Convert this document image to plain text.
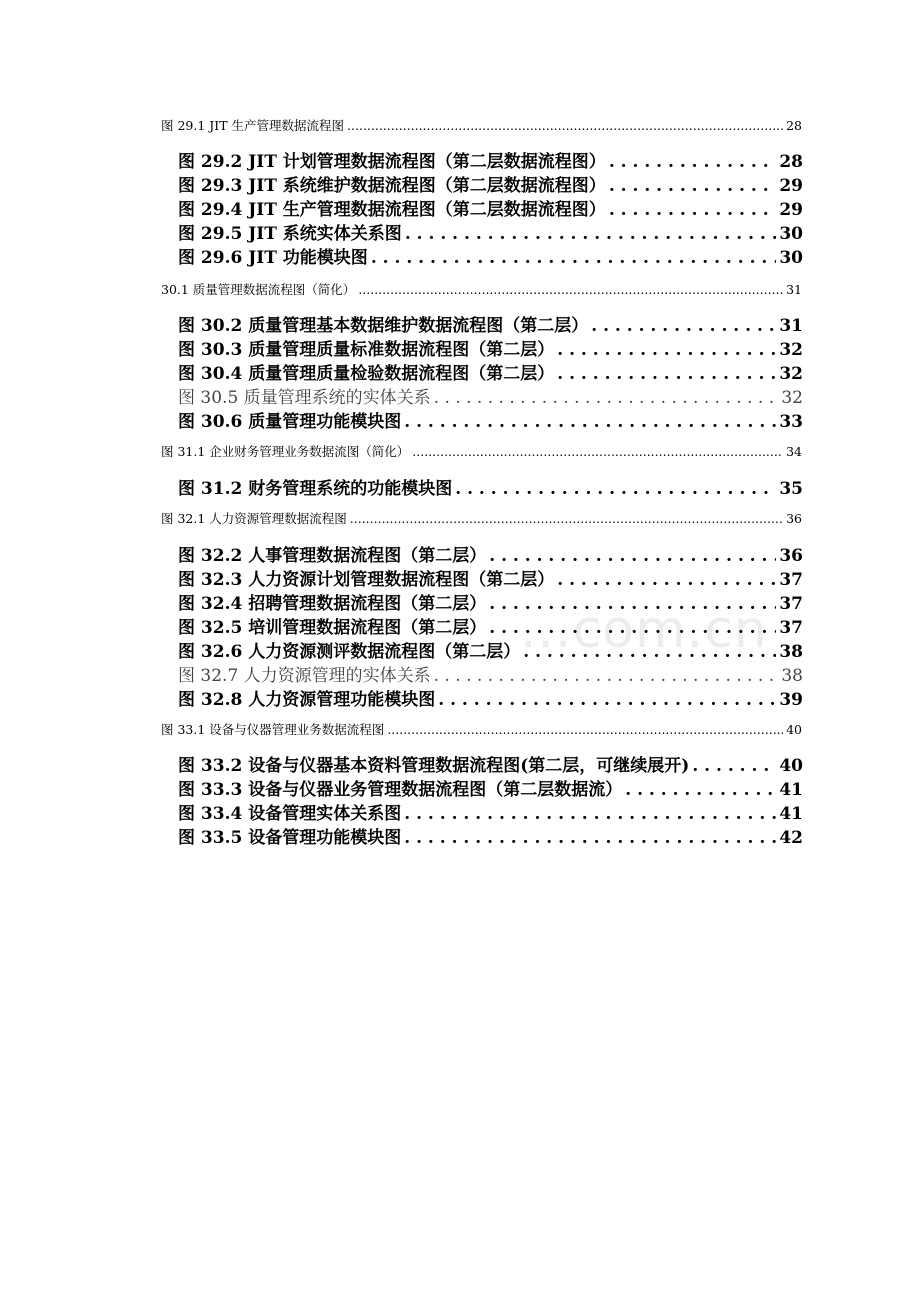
...com.cn
图 29.1 JIT 生产管理数据流程图 .....	28
图 29.2 JIT 计划管理数据流程图（第二层数据流程图） . . .	28
图 29.3 JIT 系统维护数据流程图（第二层数据流程图） . . .	29
图 29.4 JIT 生产管理数据流程图（第二层数据流程图） . . .	29
图 29.5 JIT 系统实体关系图 . . .	30
图 29.6 JIT 功能模块图 . . .	30
30.1 质量管理数据流程图（简化） .....	31
图 30.2 质量管理基本数据维护数据流程图（第二层） . . .	31
图 30.3 质量管理质量标准数据流程图（第二层） . . .	32
图 30.4 质量管理质量检验数据流程图（第二层） . . .	32
图 30.5 质量管理系统的实体关系 . . .	32
图 30.6 质量管理功能模块图 . . .	33
图 31.1 企业财务管理业务数据流图（简化） .....	34
图 31.2 财务管理系统的功能模块图 . . .	35
图 32.1 人力资源管理数据流程图 .....	36
图 32.2 人事管理数据流程图（第二层） . . .	36
图 32.3 人力资源计划管理数据流程图（第二层） . . .	37
图 32.4 招聘管理数据流程图（第二层） . . .	37
图 32.5 培训管理数据流程图（第二层） . . .	37
图 32.6 人力资源测评数据流程图（第二层） . . .	38
图 32.7 人力资源管理的实体关系 . . .	38
图 32.8 人力资源管理功能模块图 . . .	39
图 33.1 设备与仪器管理业务数据流程图 .....	40
图 33.2 设备与仪器基本资料管理数据流程图(第二层，可继续展开) . . .	40
图 33.3 设备与仪器业务管理数据流程图（第二层数据流） . . .	41
图 33.4 设备管理实体关系图 . . .	41
图 33.5 设备管理功能模块图 . . .	42
